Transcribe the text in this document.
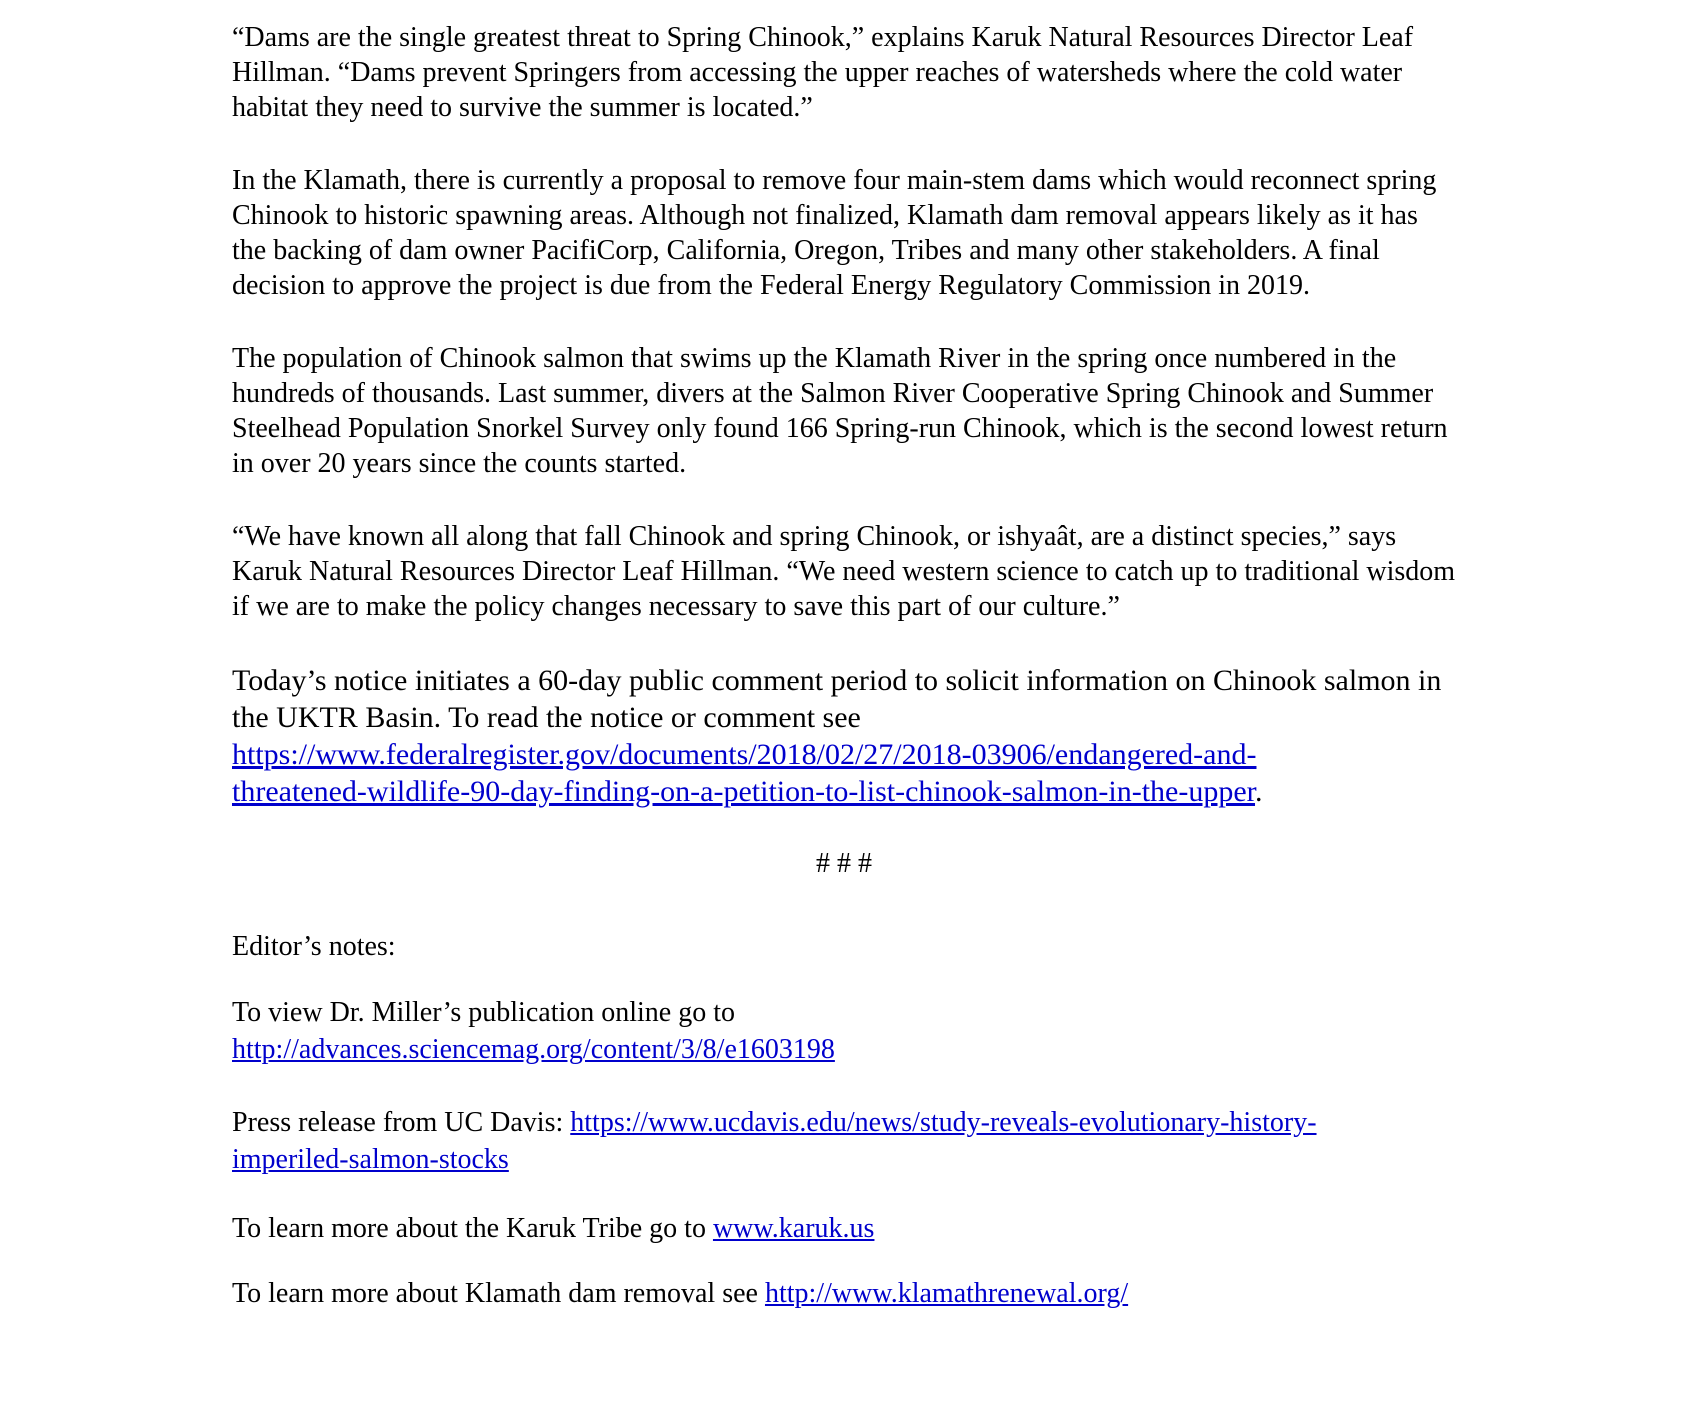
“Dams are the single greatest threat to Spring Chinook,” explains Karuk Natural Resources Director Leaf Hillman. “Dams prevent Springers from accessing the upper reaches of watersheds where the cold water habitat they need to survive the summer is located.”

In the Klamath, there is currently a proposal to remove four main-stem dams which would reconnect spring Chinook to historic spawning areas. Although not finalized, Klamath dam removal appears likely as it has the backing of dam owner PacifiCorp, California, Oregon, Tribes and many other stakeholders. A final decision to approve the project is due from the Federal Energy Regulatory Commission in 2019.

The population of Chinook salmon that swims up the Klamath River in the spring once numbered in the hundreds of thousands. Last summer, divers at the Salmon River Cooperative Spring Chinook and Summer Steelhead Population Snorkel Survey only found 166 Spring-run Chinook, which is the second lowest return in over 20 years since the counts started.

“We have known all along that fall Chinook and spring Chinook, or ishyaât, are a distinct species,” says Karuk Natural Resources Director Leaf Hillman. “We need western science to catch up to traditional wisdom if we are to make the policy changes necessary to save this part of our culture.”

Today’s notice initiates a 60-day public comment period to solicit information on Chinook salmon in the UKTR Basin. To read the notice or comment see https://www.federalregister.gov/documents/2018/02/27/2018-03906/endangered-and-
threatened-wildlife-90-day-finding-on-a-petition-to-list-chinook-salmon-in-the-upper.

# # #

Editor’s notes:

To view Dr. Miller’s publication online go to
http://advances.sciencemag.org/content/3/8/e1603198

Press release from UC Davis: https://www.ucdavis.edu/news/study-reveals-evolutionary-history-
imperiled-salmon-stocks

To learn more about the Karuk Tribe go to www.karuk.us

To learn more about Klamath dam removal see http://www.klamathrenewal.org/
